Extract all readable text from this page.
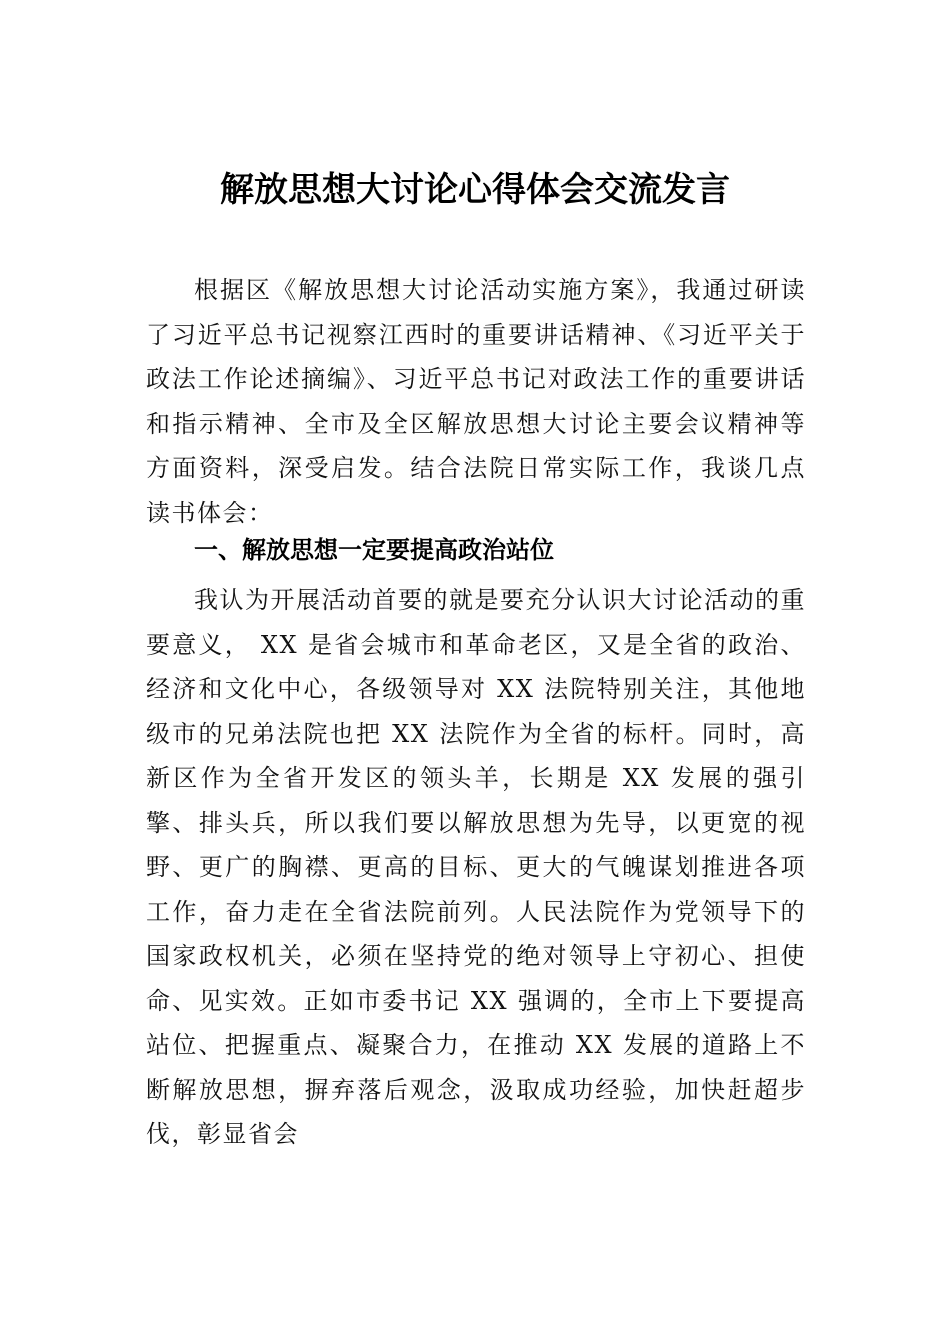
解放思想大讨论心得体会交流发言

根据区《解放思想大讨论活动实施方案》，我通过研读了习近平总书记视察江西时的重要讲话精神、《习近平关于政法工作论述摘编》、习近平总书记对政法工作的重要讲话和指示精神、全市及全区解放思想大讨论主要会议精神等方面资料，深受启发。结合法院日常实际工作，我谈几点读书体会：

一、解放思想一定要提高政治站位

我认为开展活动首要的就是要充分认识大讨论活动的重要意义， XX 是省会城市和革命老区，又是全省的政治、经济和文化中心，各级领导对 XX 法院特别关注，其他地级市的兄弟法院也把 XX 法院作为全省的标杆。同时，高新区作为全省开发区的领头羊，长期是 XX 发展的强引擎、排头兵，所以我们要以解放思想为先导，以更宽的视野、更广的胸襟、更高的目标、更大的气魄谋划推进各项工作，奋力走在全省法院前列。人民法院作为党领导下的国家政权机关，必须在坚持党的绝对领导上守初心、担使命、见实效。正如市委书记 XX 强调的，全市上下要提高站位、把握重点、凝聚合力，在推动 XX 发展的道路上不断解放思想，摒弃落后观念，汲取成功经验，加快赶超步伐，彰显省会
